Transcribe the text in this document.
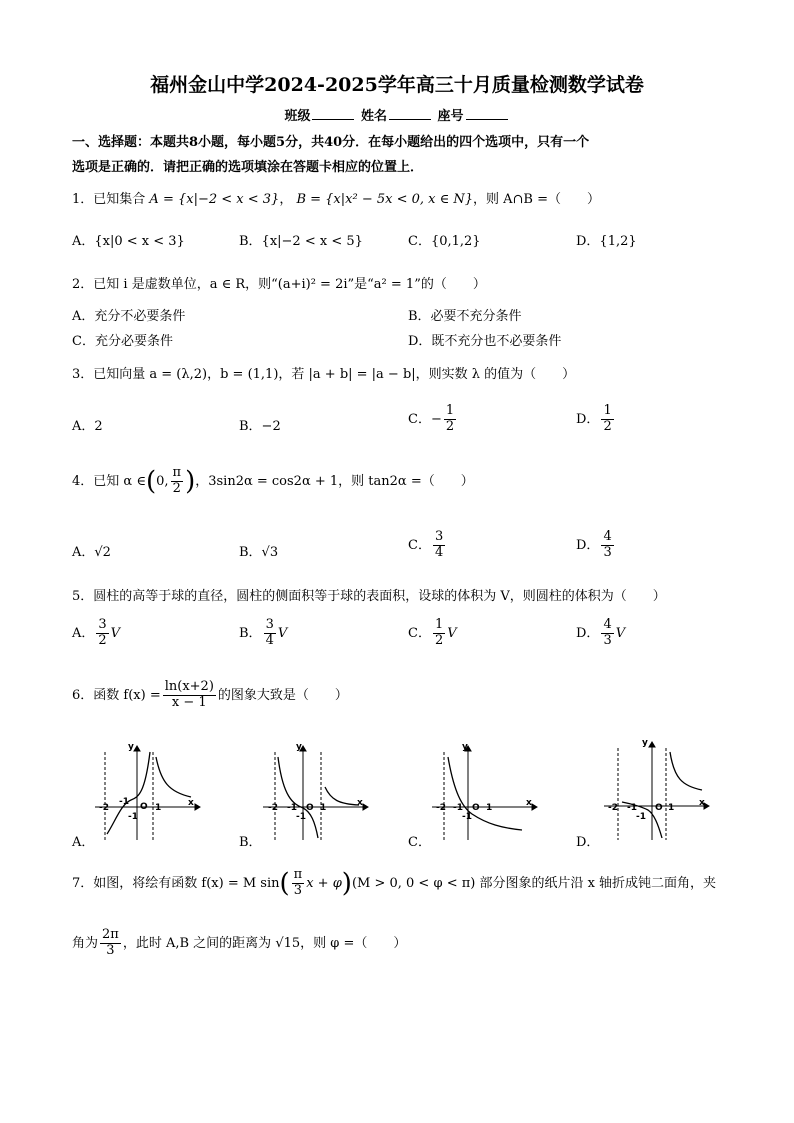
福州金山中学2024-2025学年高三十月质量检测数学试卷
班级	姓名	座号
一、选择题：本题共8小题，每小题5分，共40分．在每小题给出的四个选项中，只有一个
选项是正确的．请把正确的选项填涂在答题卡相应的位置上．
1．已知集合 A = {x|−2 < x < 3}， B = {x|x² − 5x < 0, x ∈ N}，则 A∩B =（　　）
A．{x|0 < x < 3}	B．{x|−2 < x < 5}	C．{0,1,2}	D．{1,2}
2．已知 i 是虚数单位，a ∈ R，则“(a+i)² = 2i”是“a² = 1”的（　　）
A．充分不必要条件	B．必要不充分条件
C．充分必要条件	D．既不充分也不必要条件
3．已知向量 a = (λ,2)，b = (1,1)，若 |a + b| = |a − b|，则实数 λ 的值为（　　）
A．2	B．−2	C．− $\frac{1}{2}$	D． $\frac{1}{2}$
4．已知 α ∈(0, $\frac{\pi}{2}$ )，3sin2α = cos2α + 1，则 tan2α =（　　）
A．√2	B．√3	C． $\frac{3}{4}$	D． $\frac{4}{3}$
5．圆柱的高等于球的直径，圆柱的侧面积等于球的表面积，设球的体积为 V，则圆柱的体积为（　　）
A． $\frac{3}{2}$ V	B． $\frac{3}{4}$ V	C． $\frac{1}{2}$ V	D． $\frac{4}{3}$ V
6．函数 $f(x) = \frac{\ln(x+2)}{x - 1}$ 的图象大致是（　　）
A．	B．	C．	D．
y
-2
-1 O 1	x
-1
y
-2 -1 O 1	x
-1
y
-2 -1 O 1	x
-1
y
-2 -1 O 1	x
-1
7．如图，将绘有函数 f(x) = M $\sin( \frac{\pi}{3}$ x + φ)(M > 0, 0 < φ < π) 部分图象的纸片沿 x 轴折成钝二面角，夹
角为 $\frac{2\pi}{3}$ ，此时 A,B 之间的距离为 √15，则 φ =（　　）
